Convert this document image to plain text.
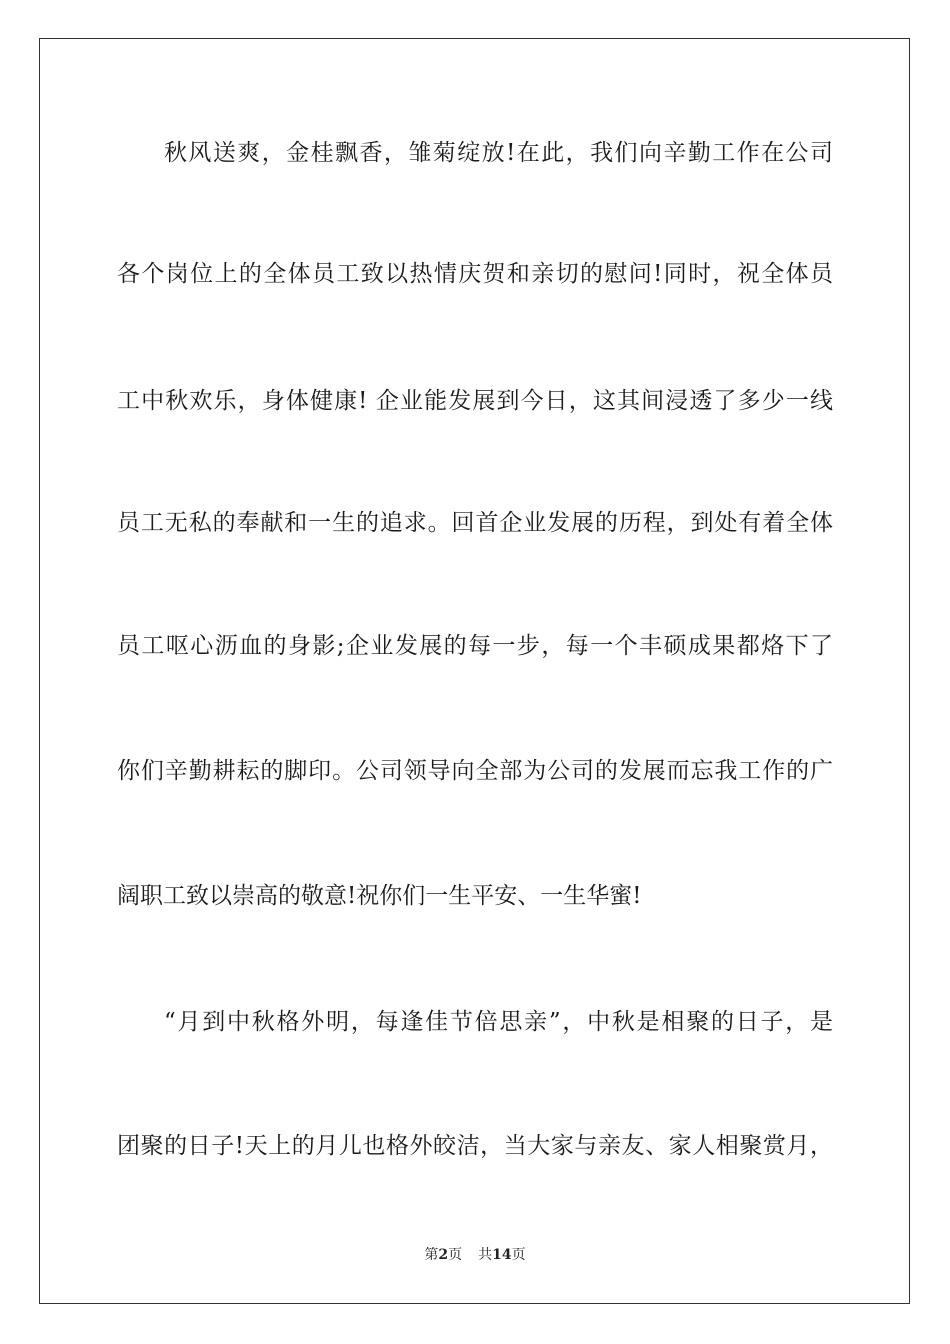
秋风送爽，金桂飘香，雏菊绽放!在此，我们向辛勤工作在公司
各个岗位上的全体员工致以热情庆贺和亲切的慰问!同时，祝全体员
工中秋欢乐，身体健康! 企业能发展到今日，这其间浸透了多少一线
员工无私的奉献和一生的追求。回首企业发展的历程，到处有着全体
员工呕心沥血的身影;企业发展的每一步，每一个丰硕成果都烙下了
你们辛勤耕耘的脚印。公司领导向全部为公司的发展而忘我工作的广
阔职工致以崇高的敬意!祝你们一生平安、一生华蜜!
“月到中秋格外明，每逢佳节倍思亲”，中秋是相聚的日子，是
团聚的日子!天上的月儿也格外皎洁，当大家与亲友、家人相聚赏月，
第2页 共14页
